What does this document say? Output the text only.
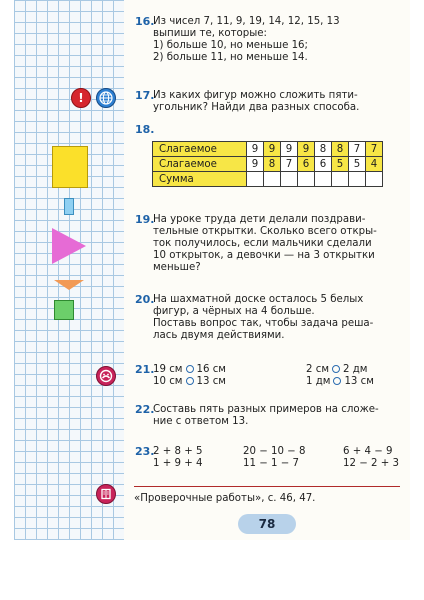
!
16.
Из чисел 7, 11, 9, 19, 14, 12, 15, 13
выпиши те, которые:
1) больше 10, но меньше 16;
2) больше 11, но меньше 14.
17.
Из каких фигур можно сложить пяти-
угольник? Найди два разных способа.
18.
Слагаемое	9	9	9	9	8	8	7	7
Слагаемое	9	8	7	6	6	5	5	4
Сумма								
19.
На уроке труда дети делали поздрави-
тельные открытки. Сколько всего откры-
ток получилось, если мальчики сделали
10 открыток, а девочки — на 3 открытки
меньше?
20.
На шахматной доске осталось 5 белых
фигур, а чёрных на 4 больше.
Поставь вопрос так, чтобы задача реша-
лась двумя действиями.
21.
19 см 16 см
10 см 13 см
2 см 2 дм
1 дм 13 см
22.
Составь пять разных примеров на сложе-
ние с ответом 13.
23.
2 + 8 + 5	20 − 10 − 8	6 + 4 − 9
1 + 9 + 4	11 − 1 − 7	12 − 2 + 3
«Проверочные работы», с. 46, 47.
78
